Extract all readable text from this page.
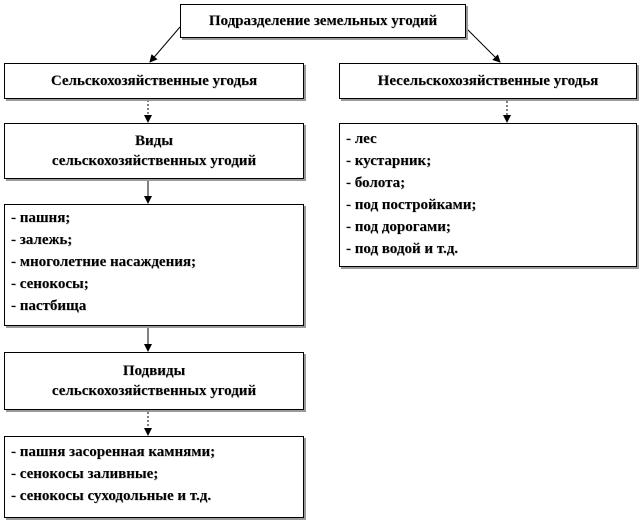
Подразделение земельных угодий
Сельскохозяйственные угодья	Несельскохозяйственные угодья
Виды
сельскохозяйственных угодий
- пашня;
- залежь;
- многолетние насаждения;
- сенокосы;
- пастбища
Подвиды
сельскохозяйственных угодий
- пашня засоренная камнями;
- сенокосы заливные;
- сенокосы суходольные и т.д.
- лес
- кустарник;
- болота;
- под постройками;
- под дорогами;
- под водой и т.д.
